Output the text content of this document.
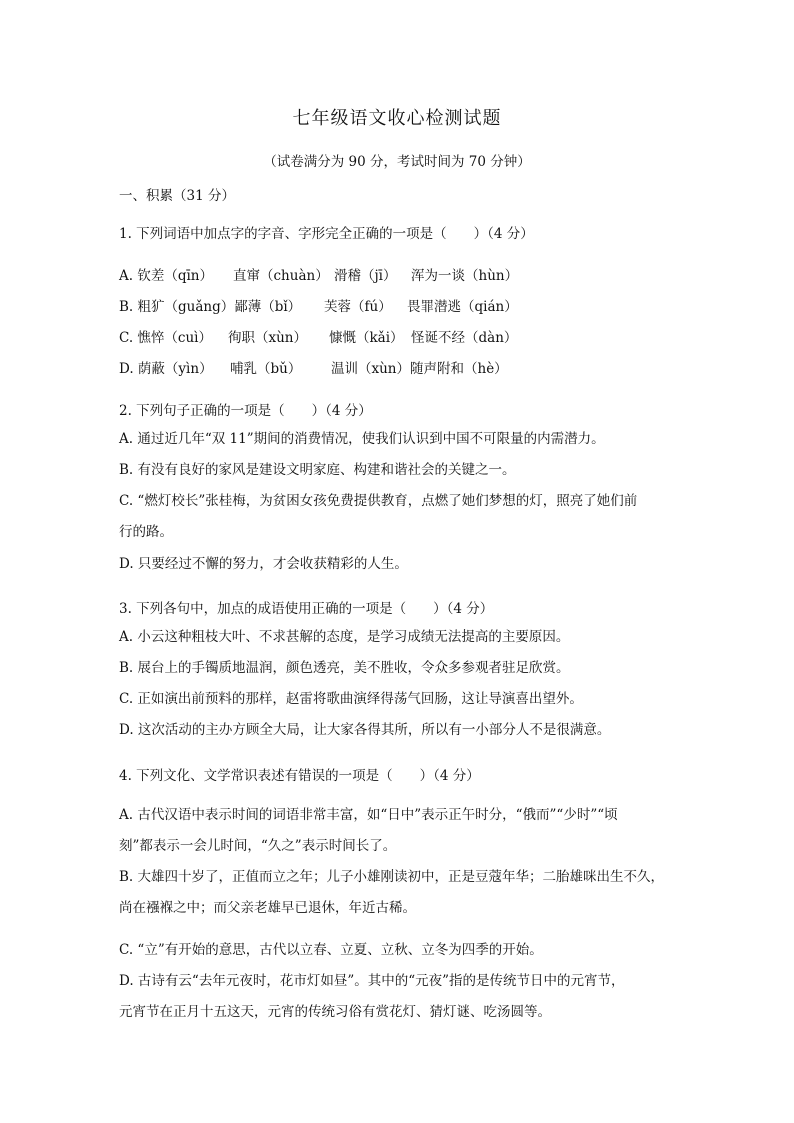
七年级语文收心检测试题
（试卷满分为 90 分，考试时间为 70 分钟）
一、积累（31 分）
1. 下列词语中加点字的字音、字形完全正确的一项是（　　）（4 分）
A. 钦差（qīn） 直窜（chuàn） 滑稽（jī） 浑为一谈（hùn）
B. 粗犷（guǎng）鄙薄（bǐ） 芙蓉（fú） 畏罪潜逃（qián）
C. 憔悴（cuì） 徇职（xùn） 慷慨（kǎi） 怪诞不经（dàn）
D. 荫蔽（yìn） 哺乳（bǔ） 温训（xùn）随声附和（hè）
2. 下列句子正确的一项是（　　）（4 分）
A. 通过近几年“双 11”期间的消费情况，使我们认识到中国不可限量的内需潜力。
B. 有没有良好的家风是建设文明家庭、构建和谐社会的关键之一。
C. “燃灯校长”张桂梅，为贫困女孩免费提供教育，点燃了她们梦想的灯，照亮了她们前
行的路。
D. 只要经过不懈的努力，才会收获精彩的人生。
3. 下列各句中，加点的成语使用正确的一项是（　　）（4 分）
A. 小云这种粗枝大叶、不求甚解的态度，是学习成绩无法提高的主要原因。
B. 展台上的手镯质地温润，颜色透亮，美不胜收，令众多参观者驻足欣赏。
C. 正如演出前预料的那样，赵雷将歌曲演绎得荡气回肠，这让导演喜出望外。
D. 这次活动的主办方顾全大局，让大家各得其所，所以有一小部分人不是很满意。
4. 下列文化、文学常识表述有错误的一项是（　　）（4 分）
A. 古代汉语中表示时间的词语非常丰富，如“日中”表示正午时分，“俄而”“少时”“顷
刻”都表示一会儿时间，“久之”表示时间长了。
B. 大雄四十岁了，正值而立之年；儿子小雄刚读初中，正是豆蔻年华；二胎雄咪出生不久，
尚在襁褓之中；而父亲老雄早已退休，年近古稀。
C. “立”有开始的意思，古代以立春、立夏、立秋、立冬为四季的开始。
D. 古诗有云“去年元夜时，花市灯如昼”。其中的“元夜”指的是传统节日中的元宵节，
元宵节在正月十五这天，元宵的传统习俗有赏花灯、猜灯谜、吃汤圆等。
